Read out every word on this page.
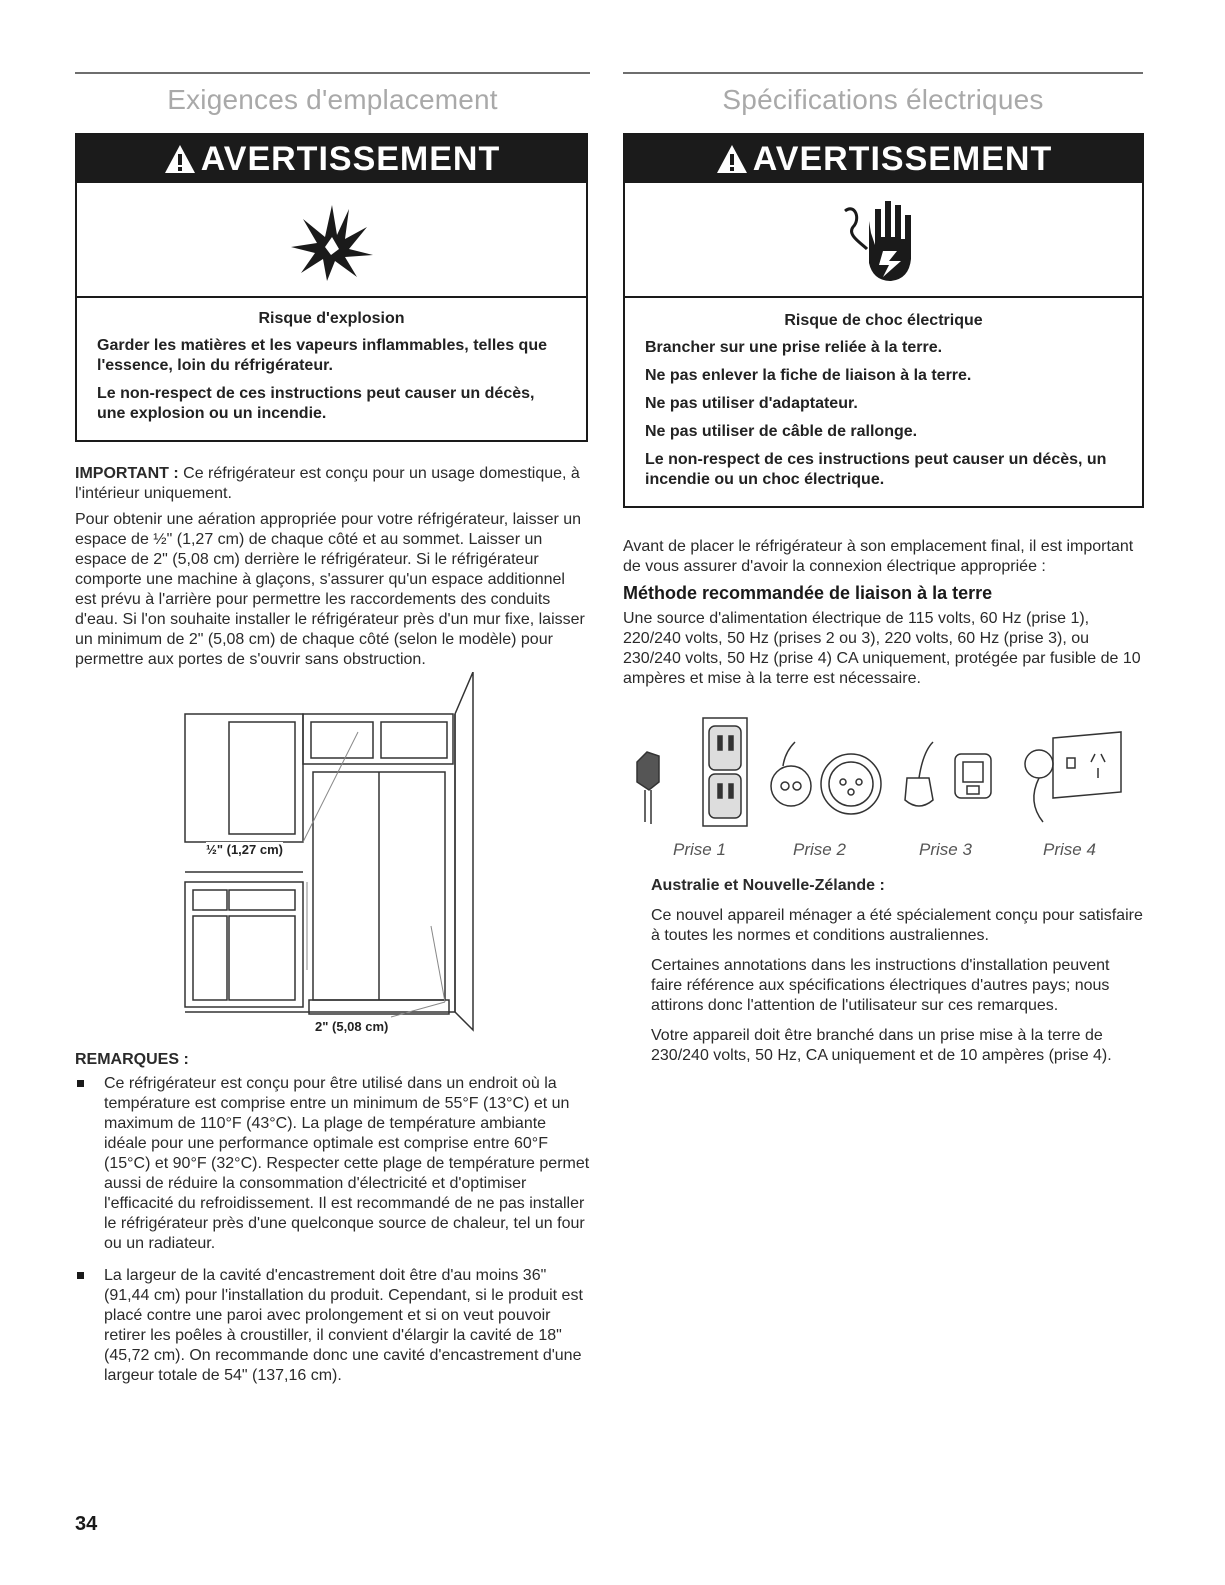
Exigences d'emplacement
AVERTISSEMENT
Risque d'explosion

Garder les matières et les vapeurs inflammables, telles que l'essence, loin du réfrigérateur.

Le non-respect de ces instructions peut causer un décès, une explosion ou un incendie.

IMPORTANT : Ce réfrigérateur est conçu pour un usage domestique, à l'intérieur uniquement.

Pour obtenir une aération appropriée pour votre réfrigérateur, laisser un espace de ½" (1,27 cm) de chaque côté et au sommet. Laisser un espace de 2" (5,08 cm) derrière le réfrigérateur. Si le réfrigérateur comporte une machine à glaçons, s'assurer qu'un espace additionnel est prévu à l'arrière pour permettre les raccordements des conduits d'eau. Si l'on souhaite installer le réfrigérateur près d'un mur fixe, laisser un minimum de 2" (5,08 cm) de chaque côté (selon le modèle) pour permettre aux portes de s'ouvrir sans obstruction.

½" (1,27 cm)
2" (5,08 cm)

REMARQUES :

Ce réfrigérateur est conçu pour être utilisé dans un endroit où la température est comprise entre un minimum de 55°F (13°C) et un maximum de 110°F (43°C). La plage de température ambiante idéale pour une performance optimale est comprise entre 60°F (15°C) et 90°F (32°C). Respecter cette plage de température permet aussi de réduire la consommation d'électricité et d'optimiser l'efficacité du refroidissement. Il est recommandé de ne pas installer le réfrigérateur près d'une quelconque source de chaleur, tel un four ou un radiateur.
La largeur de la cavité d'encastrement doit être d'au moins 36" (91,44 cm) pour l'installation du produit. Cependant, si le produit est placé contre une paroi avec prolongement et si on veut pouvoir retirer les poêles à croustiller, il convient d'élargir la cavité de 18" (45,72 cm). On recommande donc une cavité d'encastrement d'une largeur totale de 54" (137,16 cm).
Spécifications électriques
AVERTISSEMENT
Risque de choc électrique

Brancher sur une prise reliée à la terre.

Ne pas enlever la fiche de liaison à la terre.

Ne pas utiliser d'adaptateur.

Ne pas utiliser de câble de rallonge.

Le non-respect de ces instructions peut causer un décès, un incendie ou un choc électrique.

Avant de placer le réfrigérateur à son emplacement final, il est important de vous assurer d'avoir la connexion électrique appropriée :

Méthode recommandée de liaison à la terre

Une source d'alimentation électrique de 115 volts, 60 Hz (prise 1), 220/240 volts, 50 Hz (prises 2 ou 3), 220 volts, 60 Hz (prise 3), ou 230/240 volts, 50 Hz (prise 4) CA uniquement, protégée par fusible de 10 ampères et mise à la terre est nécessaire.

Prise 1	Prise 2	Prise 3	Prise 4

Australie et Nouvelle-Zélande :

Ce nouvel appareil ménager a été spécialement conçu pour satisfaire à toutes les normes et conditions australiennes.

Certaines annotations dans les instructions d'installation peuvent faire référence aux spécifications électriques d'autres pays; nous attirons donc l'attention de l'utilisateur sur ces remarques.

Votre appareil doit être branché dans un prise mise à la terre de 230/240 volts, 50 Hz, CA uniquement et de 10 ampères (prise 4).

34
